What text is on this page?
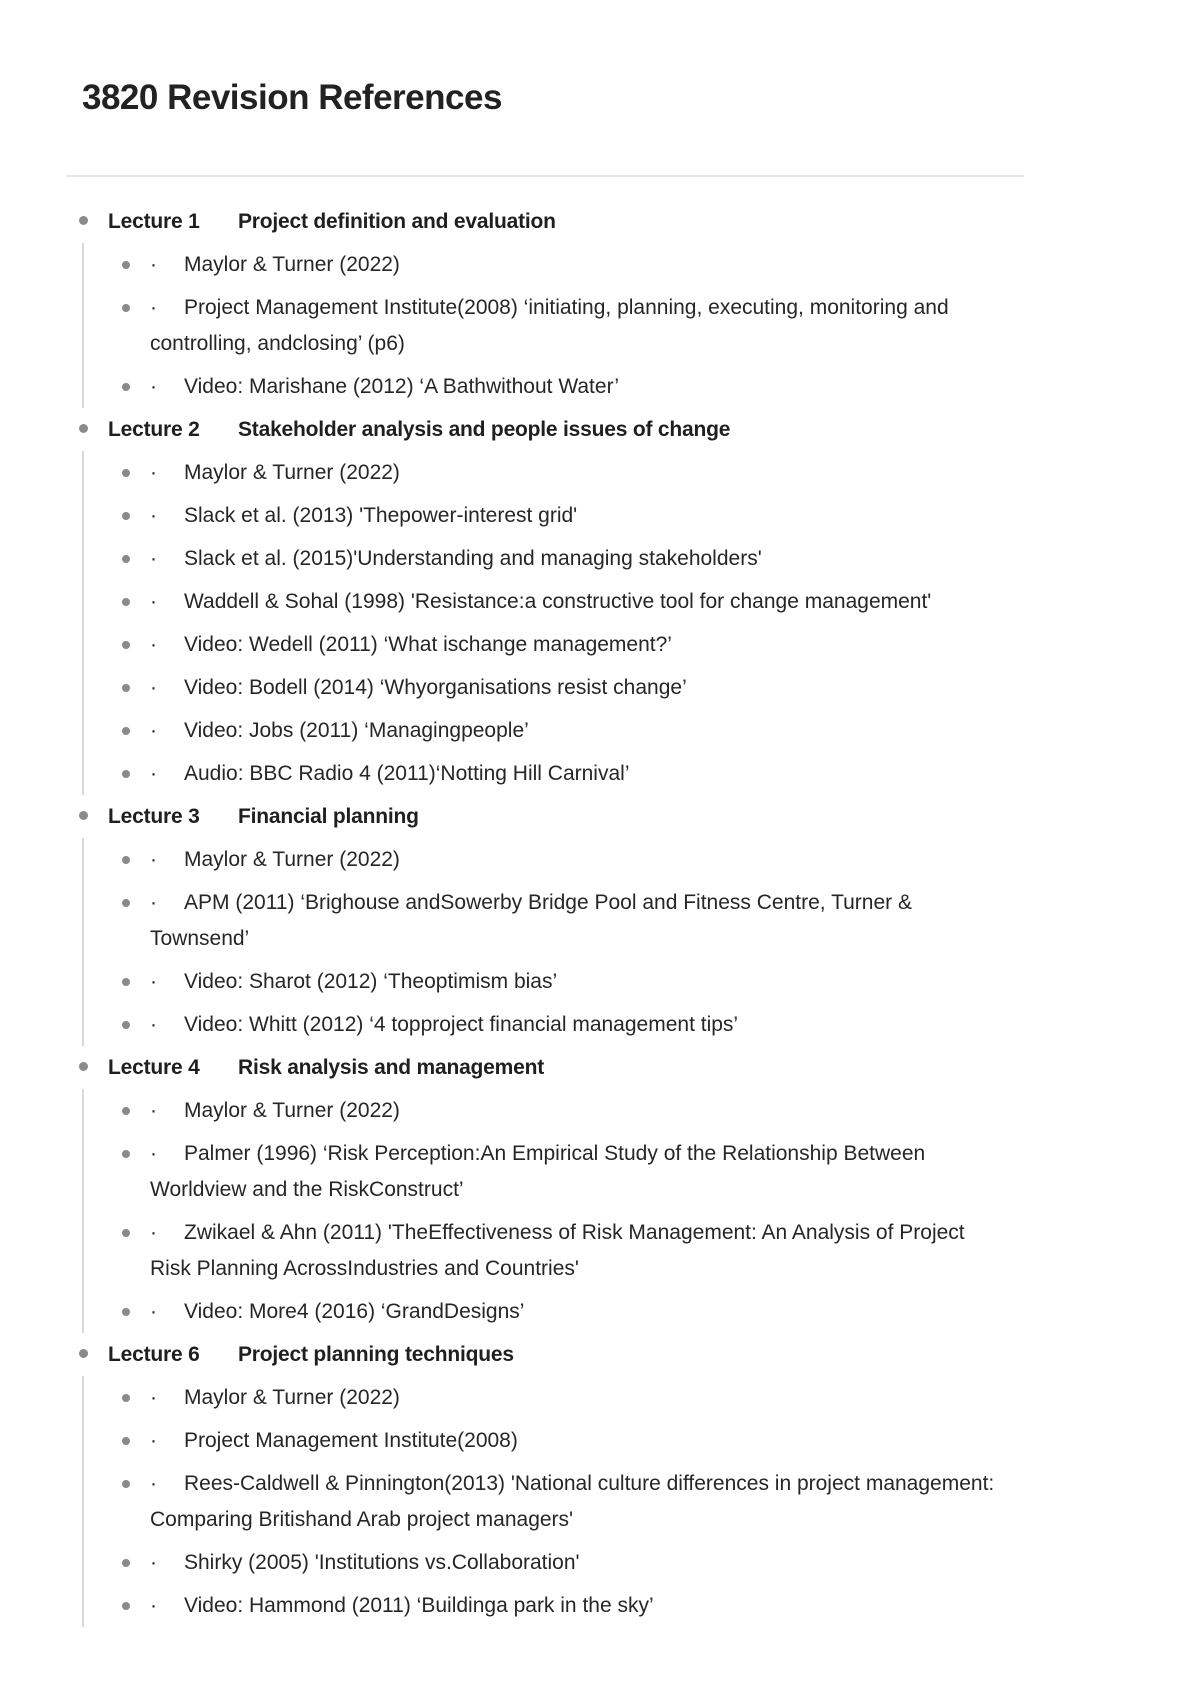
3820 Revision References
Lecture 1	Project definition and evaluation
· Maylor & Turner (2022)
· Project Management Institute(2008) ‘initiating, planning, executing, monitoring and controlling, andclosing’ (p6)
· Video: Marishane (2012) ‘A Bathwithout Water’
Lecture 2	Stakeholder analysis and people issues of change
· Maylor & Turner (2022)
· Slack et al. (2013) 'Thepower-interest grid'
· Slack et al. (2015)'Understanding and managing stakeholders'
· Waddell & Sohal (1998) 'Resistance:a constructive tool for change management'
· Video: Wedell (2011) ‘What ischange management?’
· Video: Bodell (2014) ‘Whyorganisations resist change’
· Video: Jobs (2011) ‘Managingpeople’
· Audio: BBC Radio 4 (2011)‘Notting Hill Carnival’
Lecture 3	Financial planning
· Maylor & Turner (2022)
· APM (2011) ‘Brighouse andSowerby Bridge Pool and Fitness Centre, Turner & Townsend’
· Video: Sharot (2012) ‘Theoptimism bias’
· Video: Whitt (2012) ‘4 topproject financial management tips’
Lecture 4	Risk analysis and management
· Maylor & Turner (2022)
· Palmer (1996) ‘Risk Perception:An Empirical Study of the Relationship Between Worldview and the RiskConstruct’
· Zwikael & Ahn (2011) 'TheEffectiveness of Risk Management: An Analysis of Project Risk Planning AcrossIndustries and Countries'
· Video: More4 (2016) ‘GrandDesigns’
Lecture 6	Project planning techniques
· Maylor & Turner (2022)
· Project Management Institute(2008)
· Rees-Caldwell & Pinnington(2013) 'National culture differences in project management: Comparing Britishand Arab project managers'
· Shirky (2005) 'Institutions vs.Collaboration'
· Video: Hammond (2011) ‘Buildinga park in the sky’
